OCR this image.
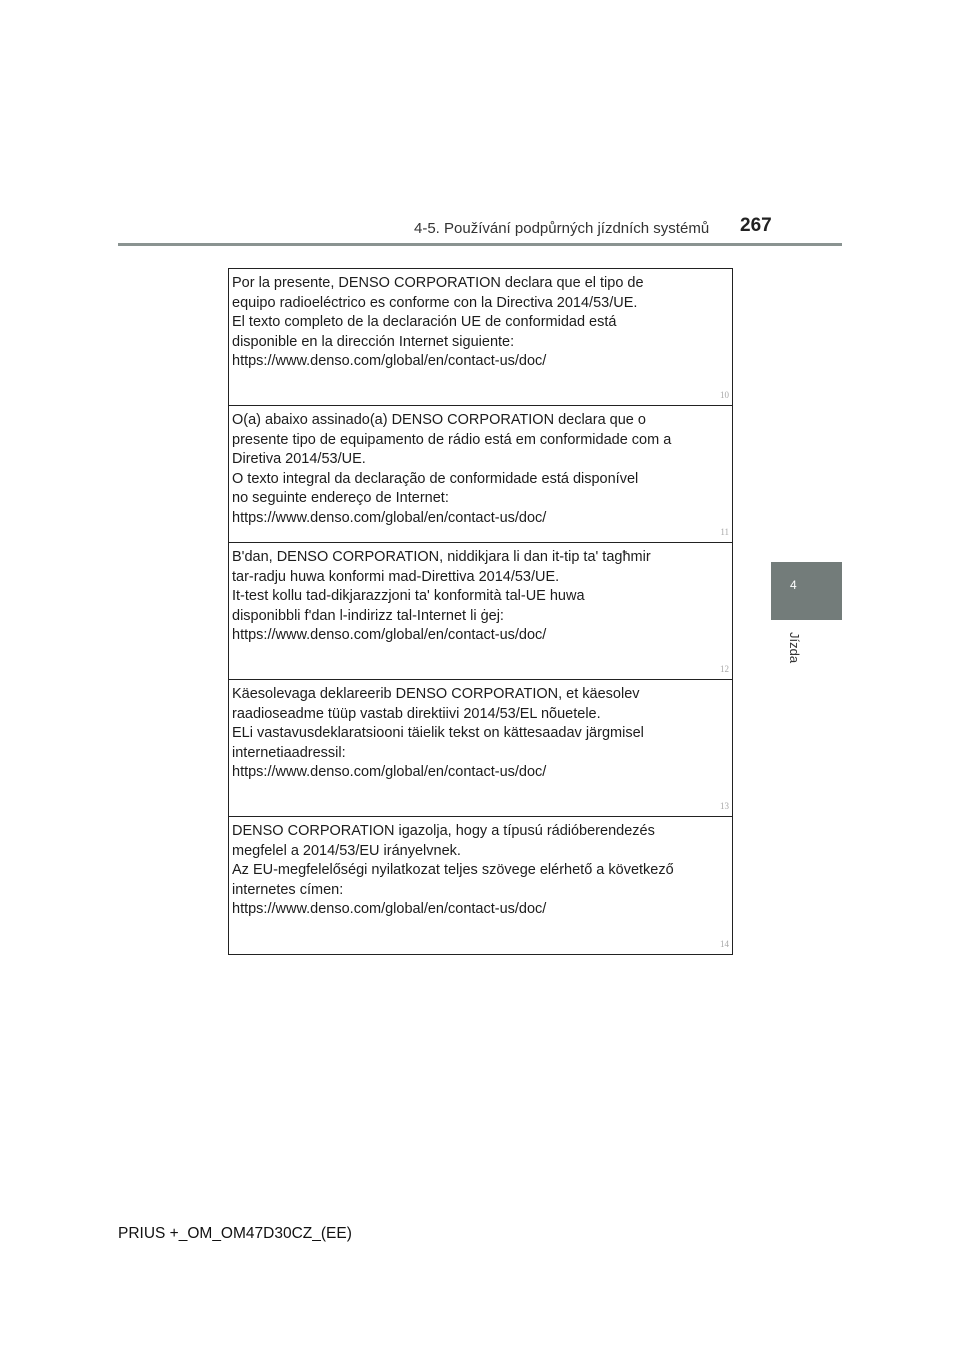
4-5. Používání podpůrných jízdních systémů 267
4
Jízda
Por la presente, DENSO CORPORATION declara que el tipo de
equipo radioeléctrico es conforme con la Directiva 2014/53/UE.
El texto completo de la declaración UE de conformidad está
disponible en la dirección Internet siguiente:
https://www.denso.com/global/en/contact-us/doc/
10
O(a) abaixo assinado(a) DENSO CORPORATION declara que o
presente tipo de equipamento de rádio está em conformidade com a
Diretiva 2014/53/UE.
O texto integral da declaração de conformidade está disponível
no seguinte endereço de Internet:
https://www.denso.com/global/en/contact-us/doc/
11
B'dan, DENSO CORPORATION, niddikjara li dan it-tip ta' tagħmir
tar-radju huwa konformi mad-Direttiva 2014/53/UE.
It-test kollu tad-dikjarazzjoni ta' konformità tal-UE huwa
disponibbli f'dan l-indirizz tal-Internet li ġej:
https://www.denso.com/global/en/contact-us/doc/
12
Käesolevaga deklareerib DENSO CORPORATION, et käesolev
raadioseadme tüüp vastab direktiivi 2014/53/EL nõuetele.
ELi vastavusdeklaratsiooni täielik tekst on kättesaadav järgmisel
internetiaadressil:
https://www.denso.com/global/en/contact-us/doc/
13
DENSO CORPORATION igazolja, hogy a típusú rádióberendezés
megfelel a 2014/53/EU irányelvnek.
Az EU-megfelelőségi nyilatkozat teljes szövege elérhető a következő
internetes címen:
https://www.denso.com/global/en/contact-us/doc/
14
PRIUS +_OM_OM47D30CZ_(EE)
